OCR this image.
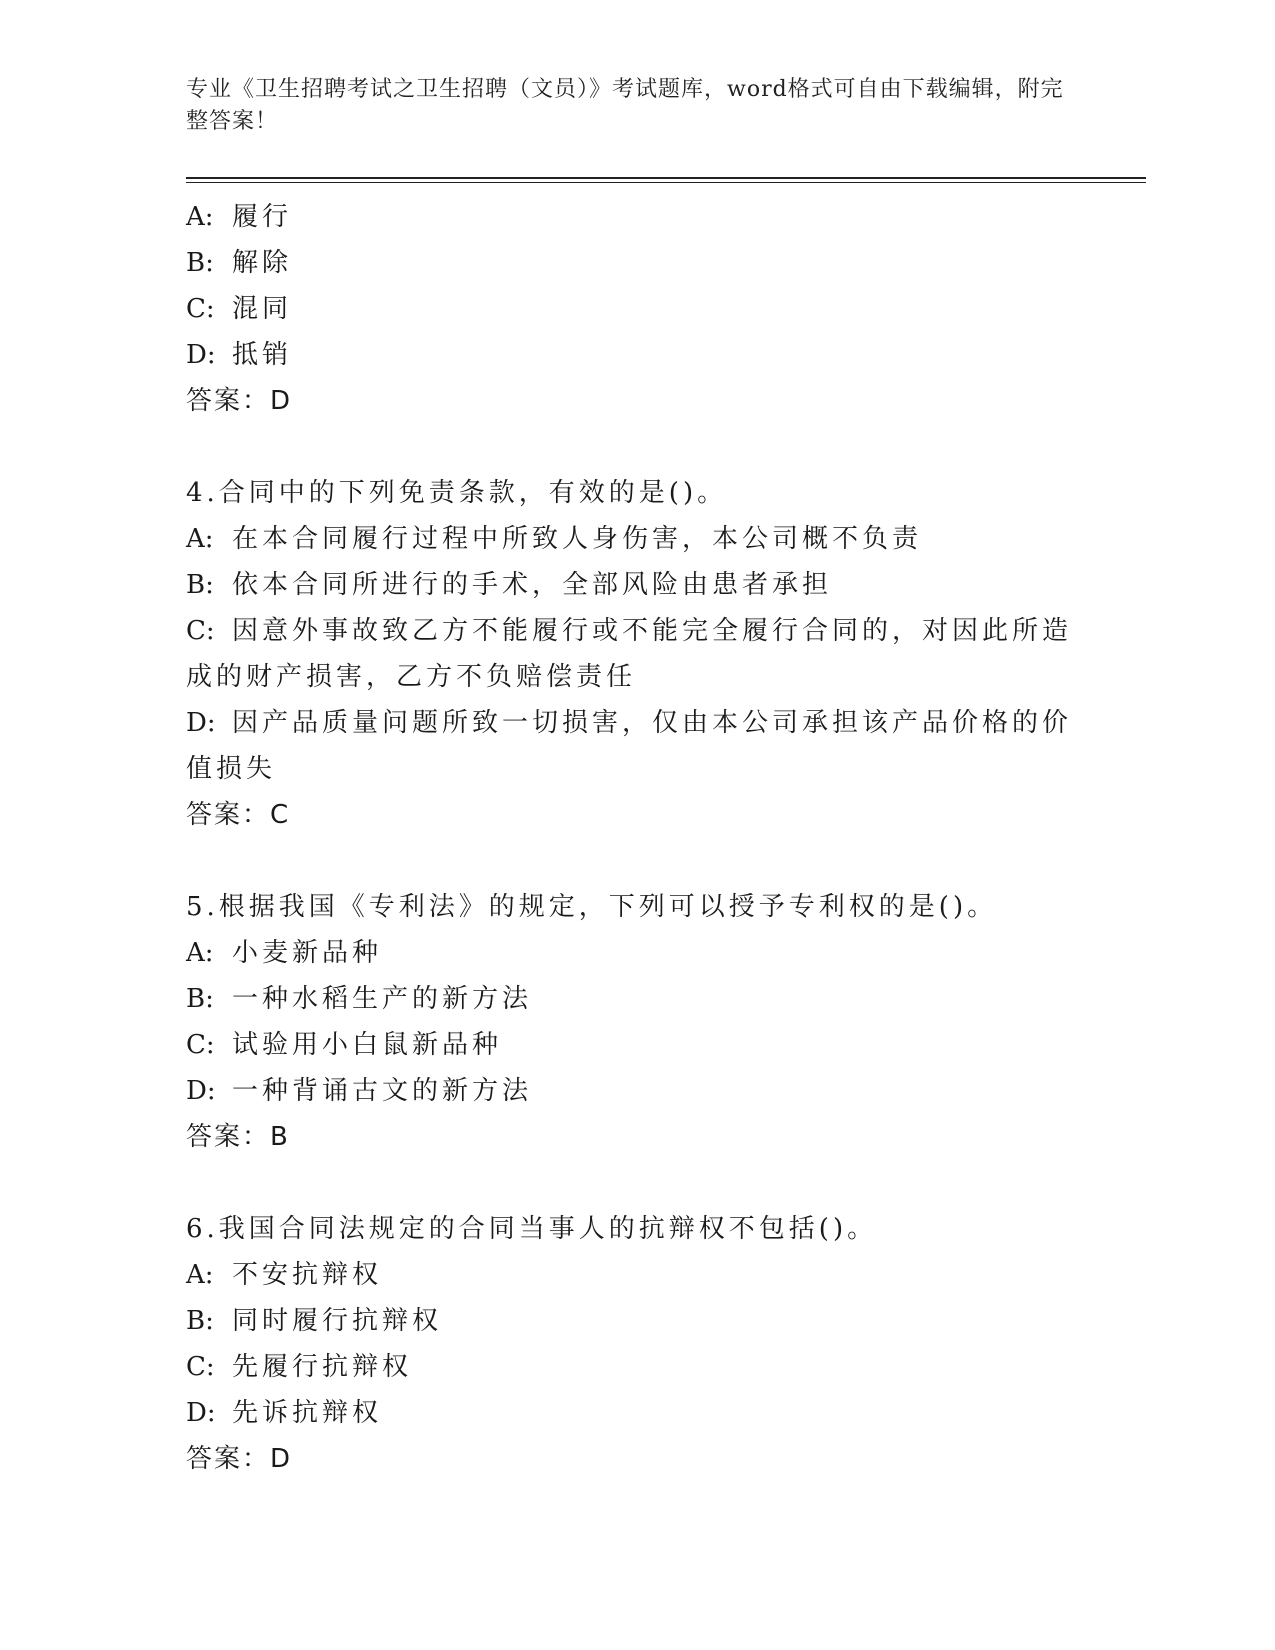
专业《卫生招聘考试之卫生招聘（文员）》考试题库，word格式可自由下载编辑，附完整答案！
A: 履行
B: 解除
C: 混同
D: 抵销
答案：D
4.合同中的下列免责条款，有效的是()。
A: 在本合同履行过程中所致人身伤害，本公司概不负责
B: 依本合同所进行的手术，全部风险由患者承担
C: 因意外事故致乙方不能履行或不能完全履行合同的，对因此所造成的财产损害，乙方不负赔偿责任
D: 因产品质量问题所致一切损害，仅由本公司承担该产品价格的价值损失
答案：C
5.根据我国《专利法》的规定，下列可以授予专利权的是()。
A: 小麦新品种
B: 一种水稻生产的新方法
C: 试验用小白鼠新品种
D: 一种背诵古文的新方法
答案：B
6.我国合同法规定的合同当事人的抗辩权不包括()。
A: 不安抗辩权
B: 同时履行抗辩权
C: 先履行抗辩权
D: 先诉抗辩权
答案：D
